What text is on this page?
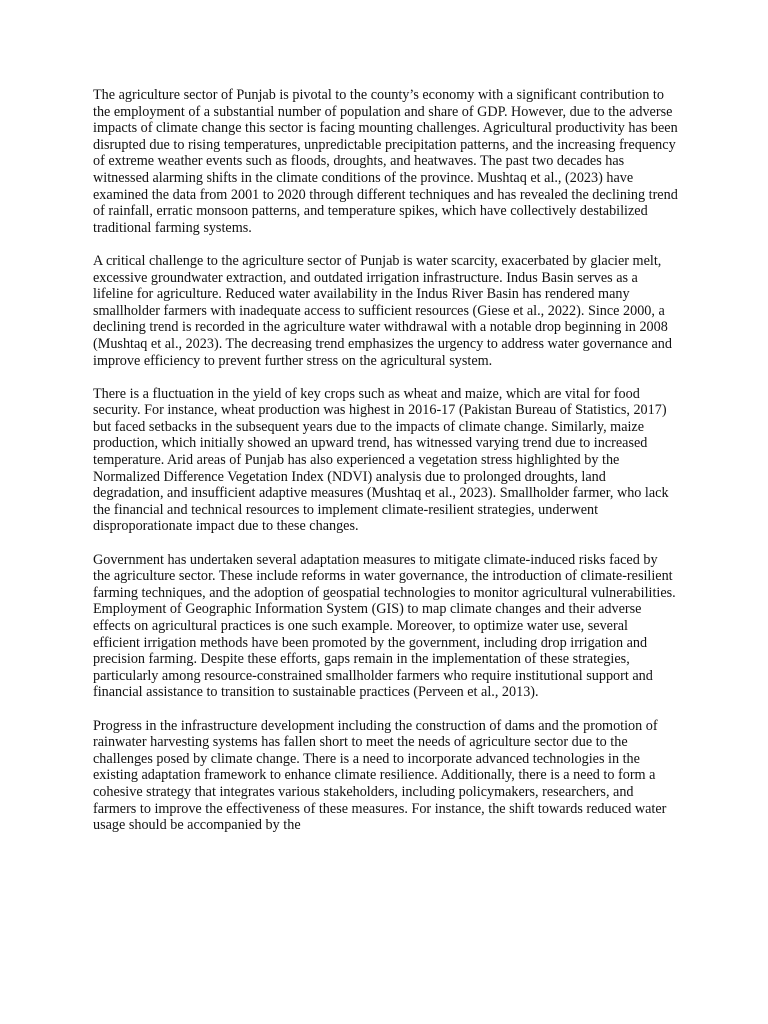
The agriculture sector of Punjab is pivotal to the county’s economy with a significant contribution to the employment of a substantial number of population and share of GDP. However, due to the adverse impacts of climate change this sector is facing mounting challenges. Agricultural productivity has been disrupted due to rising temperatures, unpredictable precipitation patterns, and the increasing frequency of extreme weather events such as floods, droughts, and heatwaves. The past two decades has witnessed alarming shifts in the climate conditions of the province. Mushtaq et al., (2023) have examined the data from 2001 to 2020 through different techniques and has revealed the declining trend of rainfall, erratic monsoon patterns, and temperature spikes, which have collectively destabilized traditional farming systems.

A critical challenge to the agriculture sector of Punjab is water scarcity, exacerbated by glacier melt, excessive groundwater extraction, and outdated irrigation infrastructure. Indus Basin serves as a lifeline for agriculture. Reduced water availability in the Indus River Basin has rendered many smallholder farmers with inadequate access to sufficient resources (Giese et al., 2022). Since 2000, a declining trend is recorded in the agriculture water withdrawal with a notable drop beginning in 2008 (Mushtaq et al., 2023). The decreasing trend emphasizes the urgency to address water governance and improve efficiency to prevent further stress on the agricultural system.

There is a fluctuation in the yield of key crops such as wheat and maize, which are vital for food security. For instance, wheat production was highest in 2016-17 (Pakistan Bureau of Statistics, 2017) but faced setbacks in the subsequent years due to the impacts of climate change. Similarly, maize production, which initially showed an upward trend, has witnessed varying trend due to increased temperature. Arid areas of Punjab has also experienced a vegetation stress highlighted by the Normalized Difference Vegetation Index (NDVI) analysis due to prolonged droughts, land degradation, and insufficient adaptive measures (Mushtaq et al., 2023). Smallholder farmer, who lack the financial and technical resources to implement climate-resilient strategies, underwent disproporationate impact due to these changes.

Government has undertaken several adaptation measures to mitigate climate-induced risks faced by the agriculture sector. These include reforms in water governance, the introduction of climate-resilient farming techniques, and the adoption of geospatial technologies to monitor agricultural vulnerabilities. Employment of Geographic Information System (GIS) to map climate changes and their adverse effects on agricultural practices is one such example. Moreover, to optimize water use, several efficient irrigation methods have been promoted by the government, including drop irrigation and precision farming. Despite these efforts, gaps remain in the implementation of these strategies, particularly among resource-constrained smallholder farmers who require institutional support and financial assistance to transition to sustainable practices (Perveen et al., 2013).

Progress in the infrastructure development including the construction of dams and the promotion of rainwater harvesting systems has fallen short to meet the needs of agriculture sector due to the challenges posed by climate change. There is a need to incorporate advanced technologies in the existing adaptation framework to enhance climate resilience. Additionally, there is a need to form a cohesive strategy that integrates various stakeholders, including policymakers, researchers, and farmers to improve the effectiveness of these measures. For instance, the shift towards reduced water usage should be accompanied by the
